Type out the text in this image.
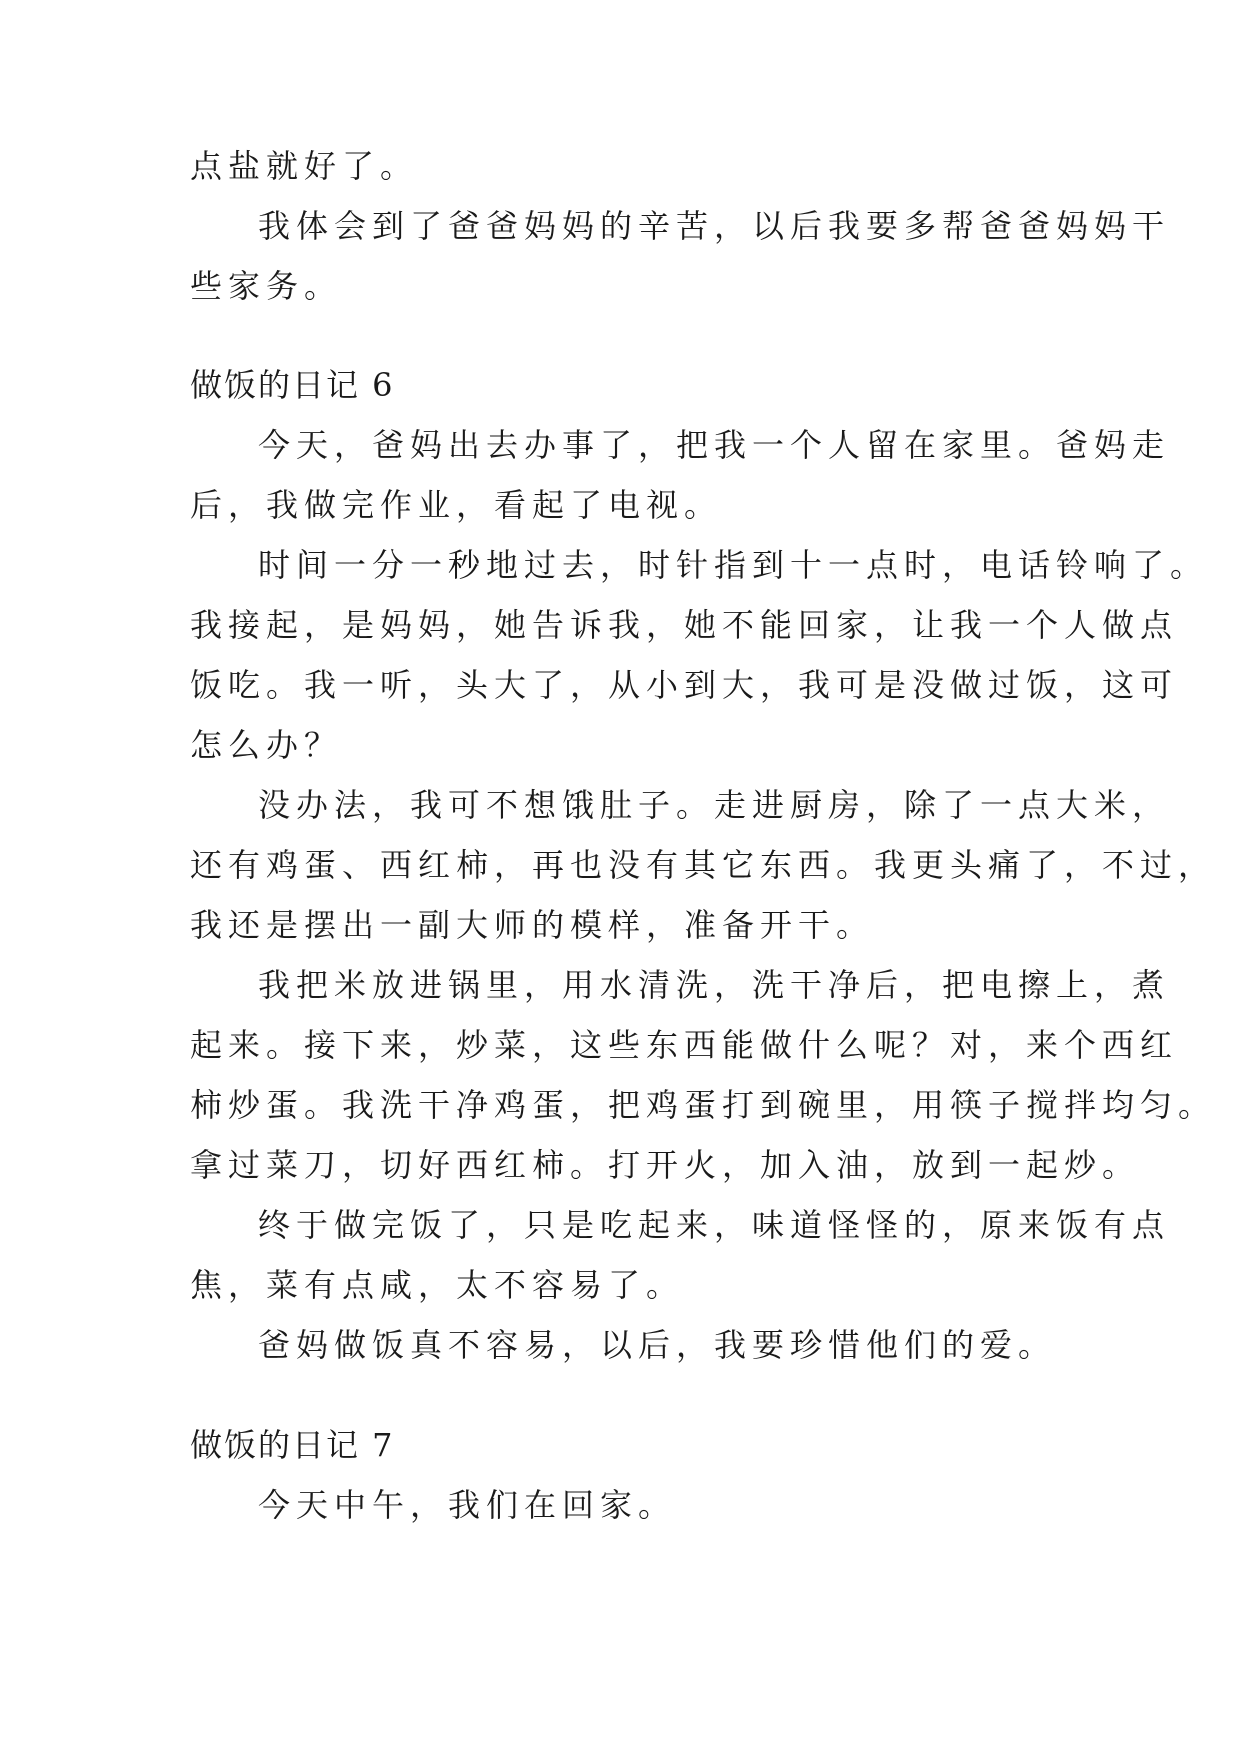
点盐就好了。
我体会到了爸爸妈妈的辛苦，以后我要多帮爸爸妈妈干
些家务。
做饭的日记 6
今天，爸妈出去办事了，把我一个人留在家里。爸妈走
后，我做完作业，看起了电视。
时间一分一秒地过去，时针指到十一点时，电话铃响了。
我接起，是妈妈，她告诉我，她不能回家，让我一个人做点
饭吃。我一听，头大了，从小到大，我可是没做过饭，这可
怎么办？
没办法，我可不想饿肚子。走进厨房，除了一点大米，
还有鸡蛋、西红柿，再也没有其它东西。我更头痛了，不过，
我还是摆出一副大师的模样，准备开干。
我把米放进锅里，用水清洗，洗干净后，把电擦上，煮
起来。接下来，炒菜，这些东西能做什么呢？对，来个西红
柿炒蛋。我洗干净鸡蛋，把鸡蛋打到碗里，用筷子搅拌均匀。
拿过菜刀，切好西红柿。打开火，加入油，放到一起炒。
终于做完饭了，只是吃起来，味道怪怪的，原来饭有点
焦，菜有点咸，太不容易了。
爸妈做饭真不容易，以后，我要珍惜他们的爱。
做饭的日记 7
今天中午，我们在回家。
